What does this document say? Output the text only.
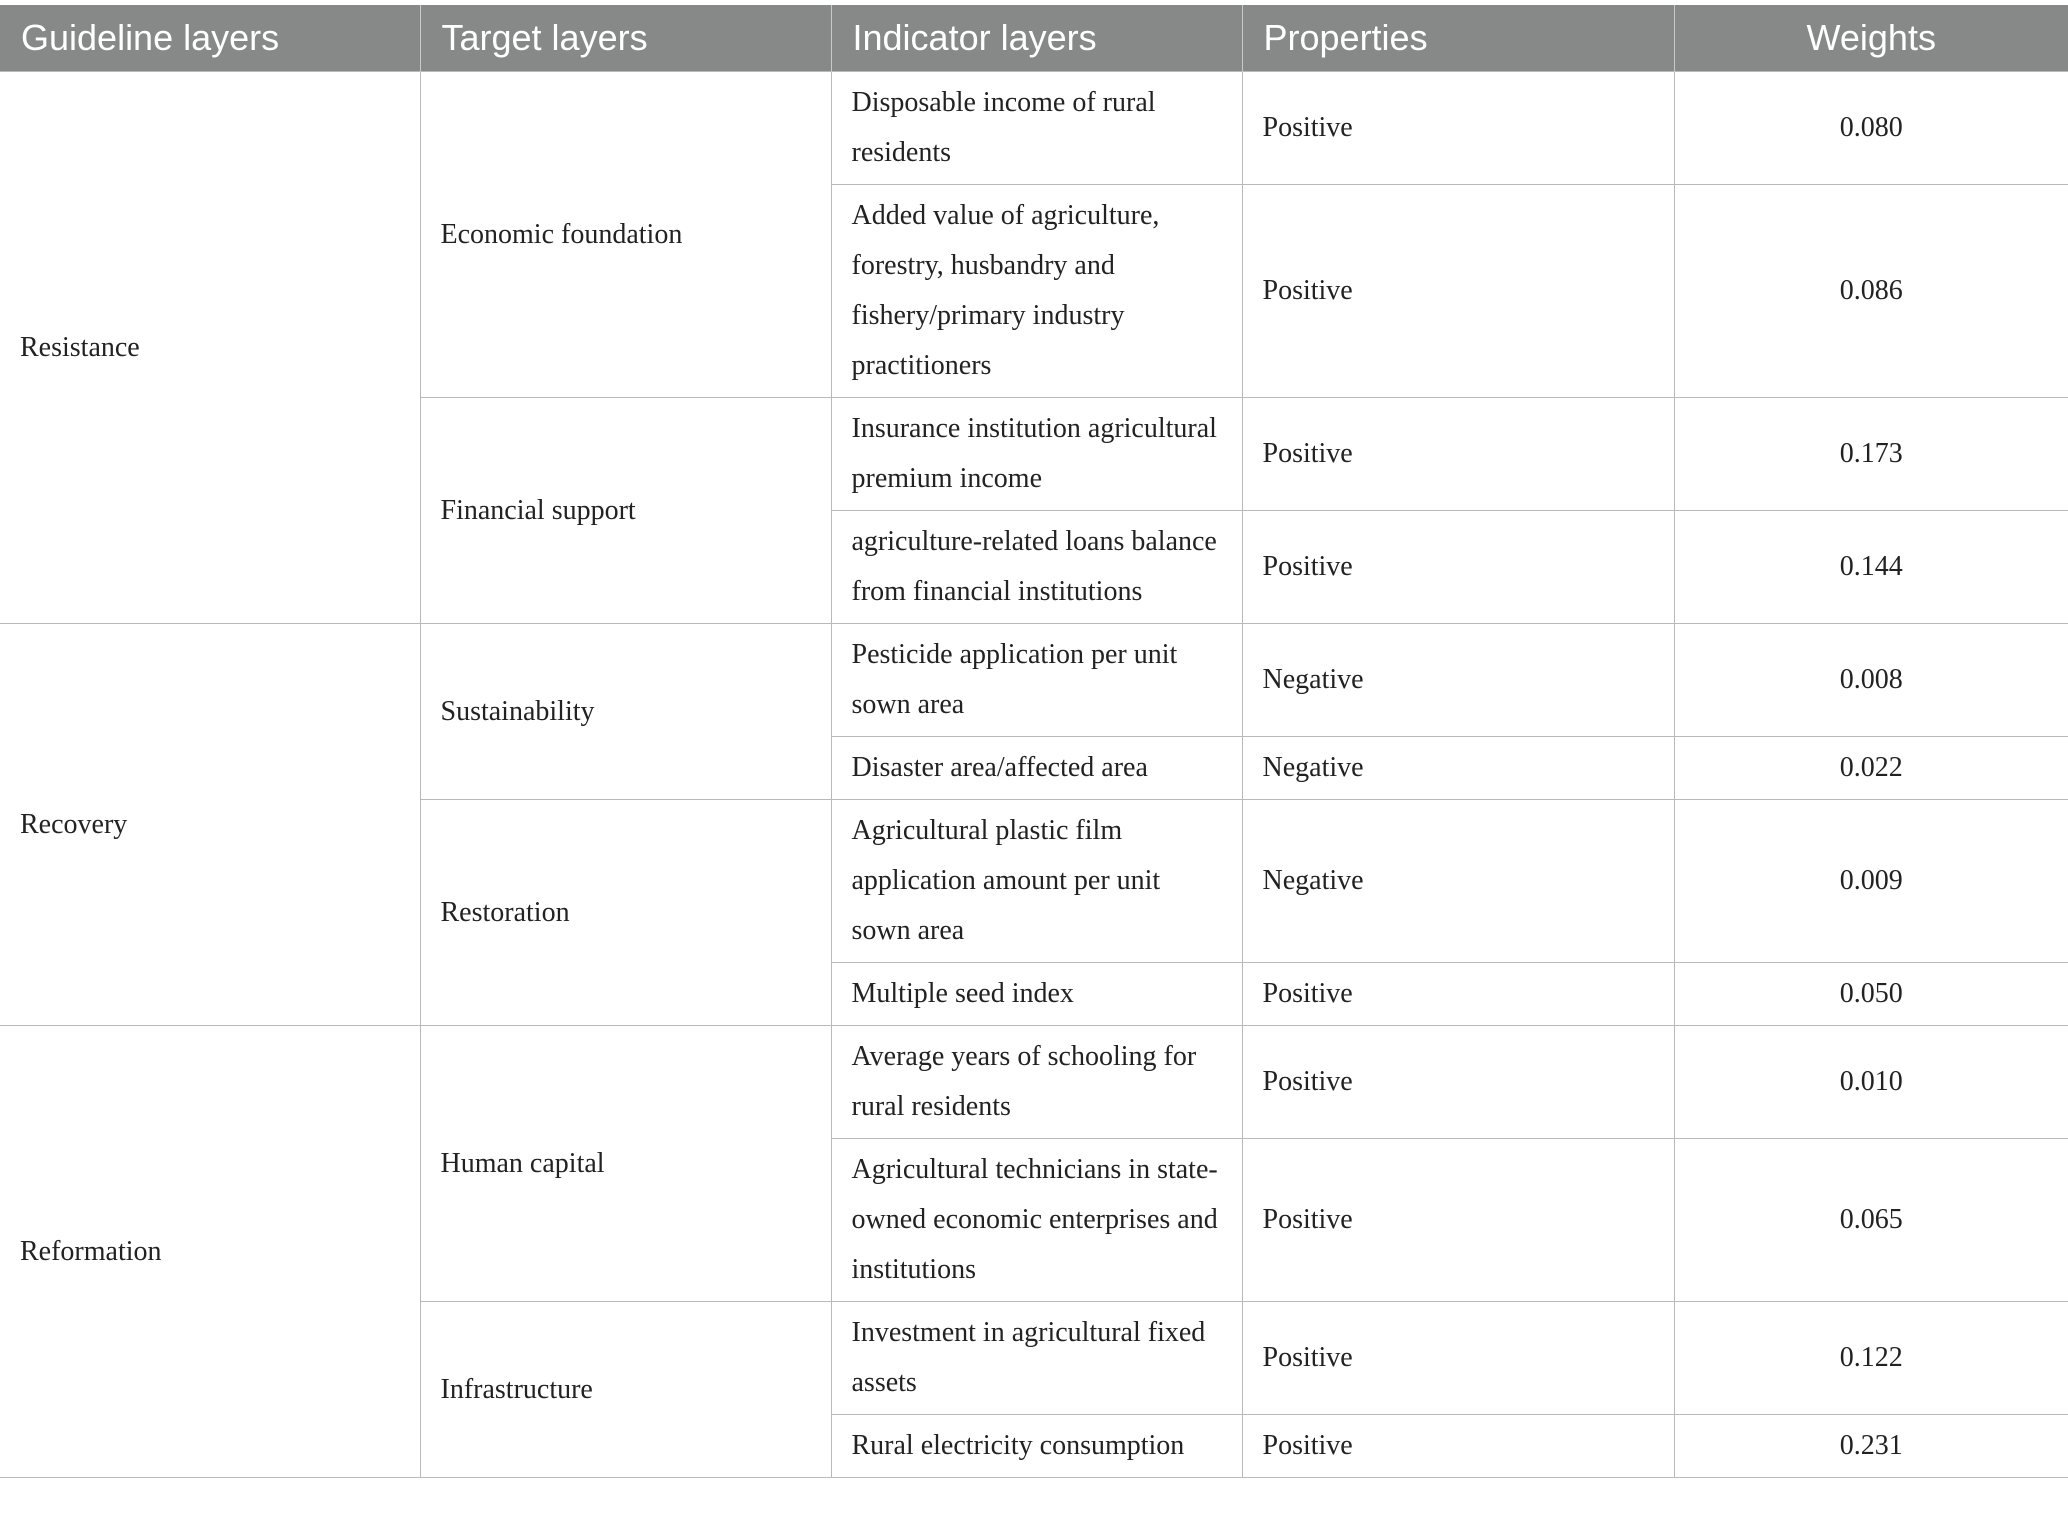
Guideline layers	Target layers	Indicator layers	Properties	Weights
Resistance	Economic foundation	Disposable income of rural residents	Positive	0.080
		Added value of agriculture, forestry, husbandry and fishery/primary industry practitioners	Positive	0.086
	Financial support	Insurance institution agricultural premium income	Positive	0.173
		agriculture-related loans balance from financial institutions	Positive	0.144
Recovery	Sustainability	Pesticide application per unit sown area	Negative	0.008
		Disaster area/affected area	Negative	0.022
	Restoration	Agricultural plastic film application amount per unit sown area	Negative	0.009
		Multiple seed index	Positive	0.050
Reformation	Human capital	Average years of schooling for rural residents	Positive	0.010
		Agricultural technicians in state-owned economic enterprises and institutions	Positive	0.065
	Infrastructure	Investment in agricultural fixed assets	Positive	0.122
		Rural electricity consumption	Positive	0.231
